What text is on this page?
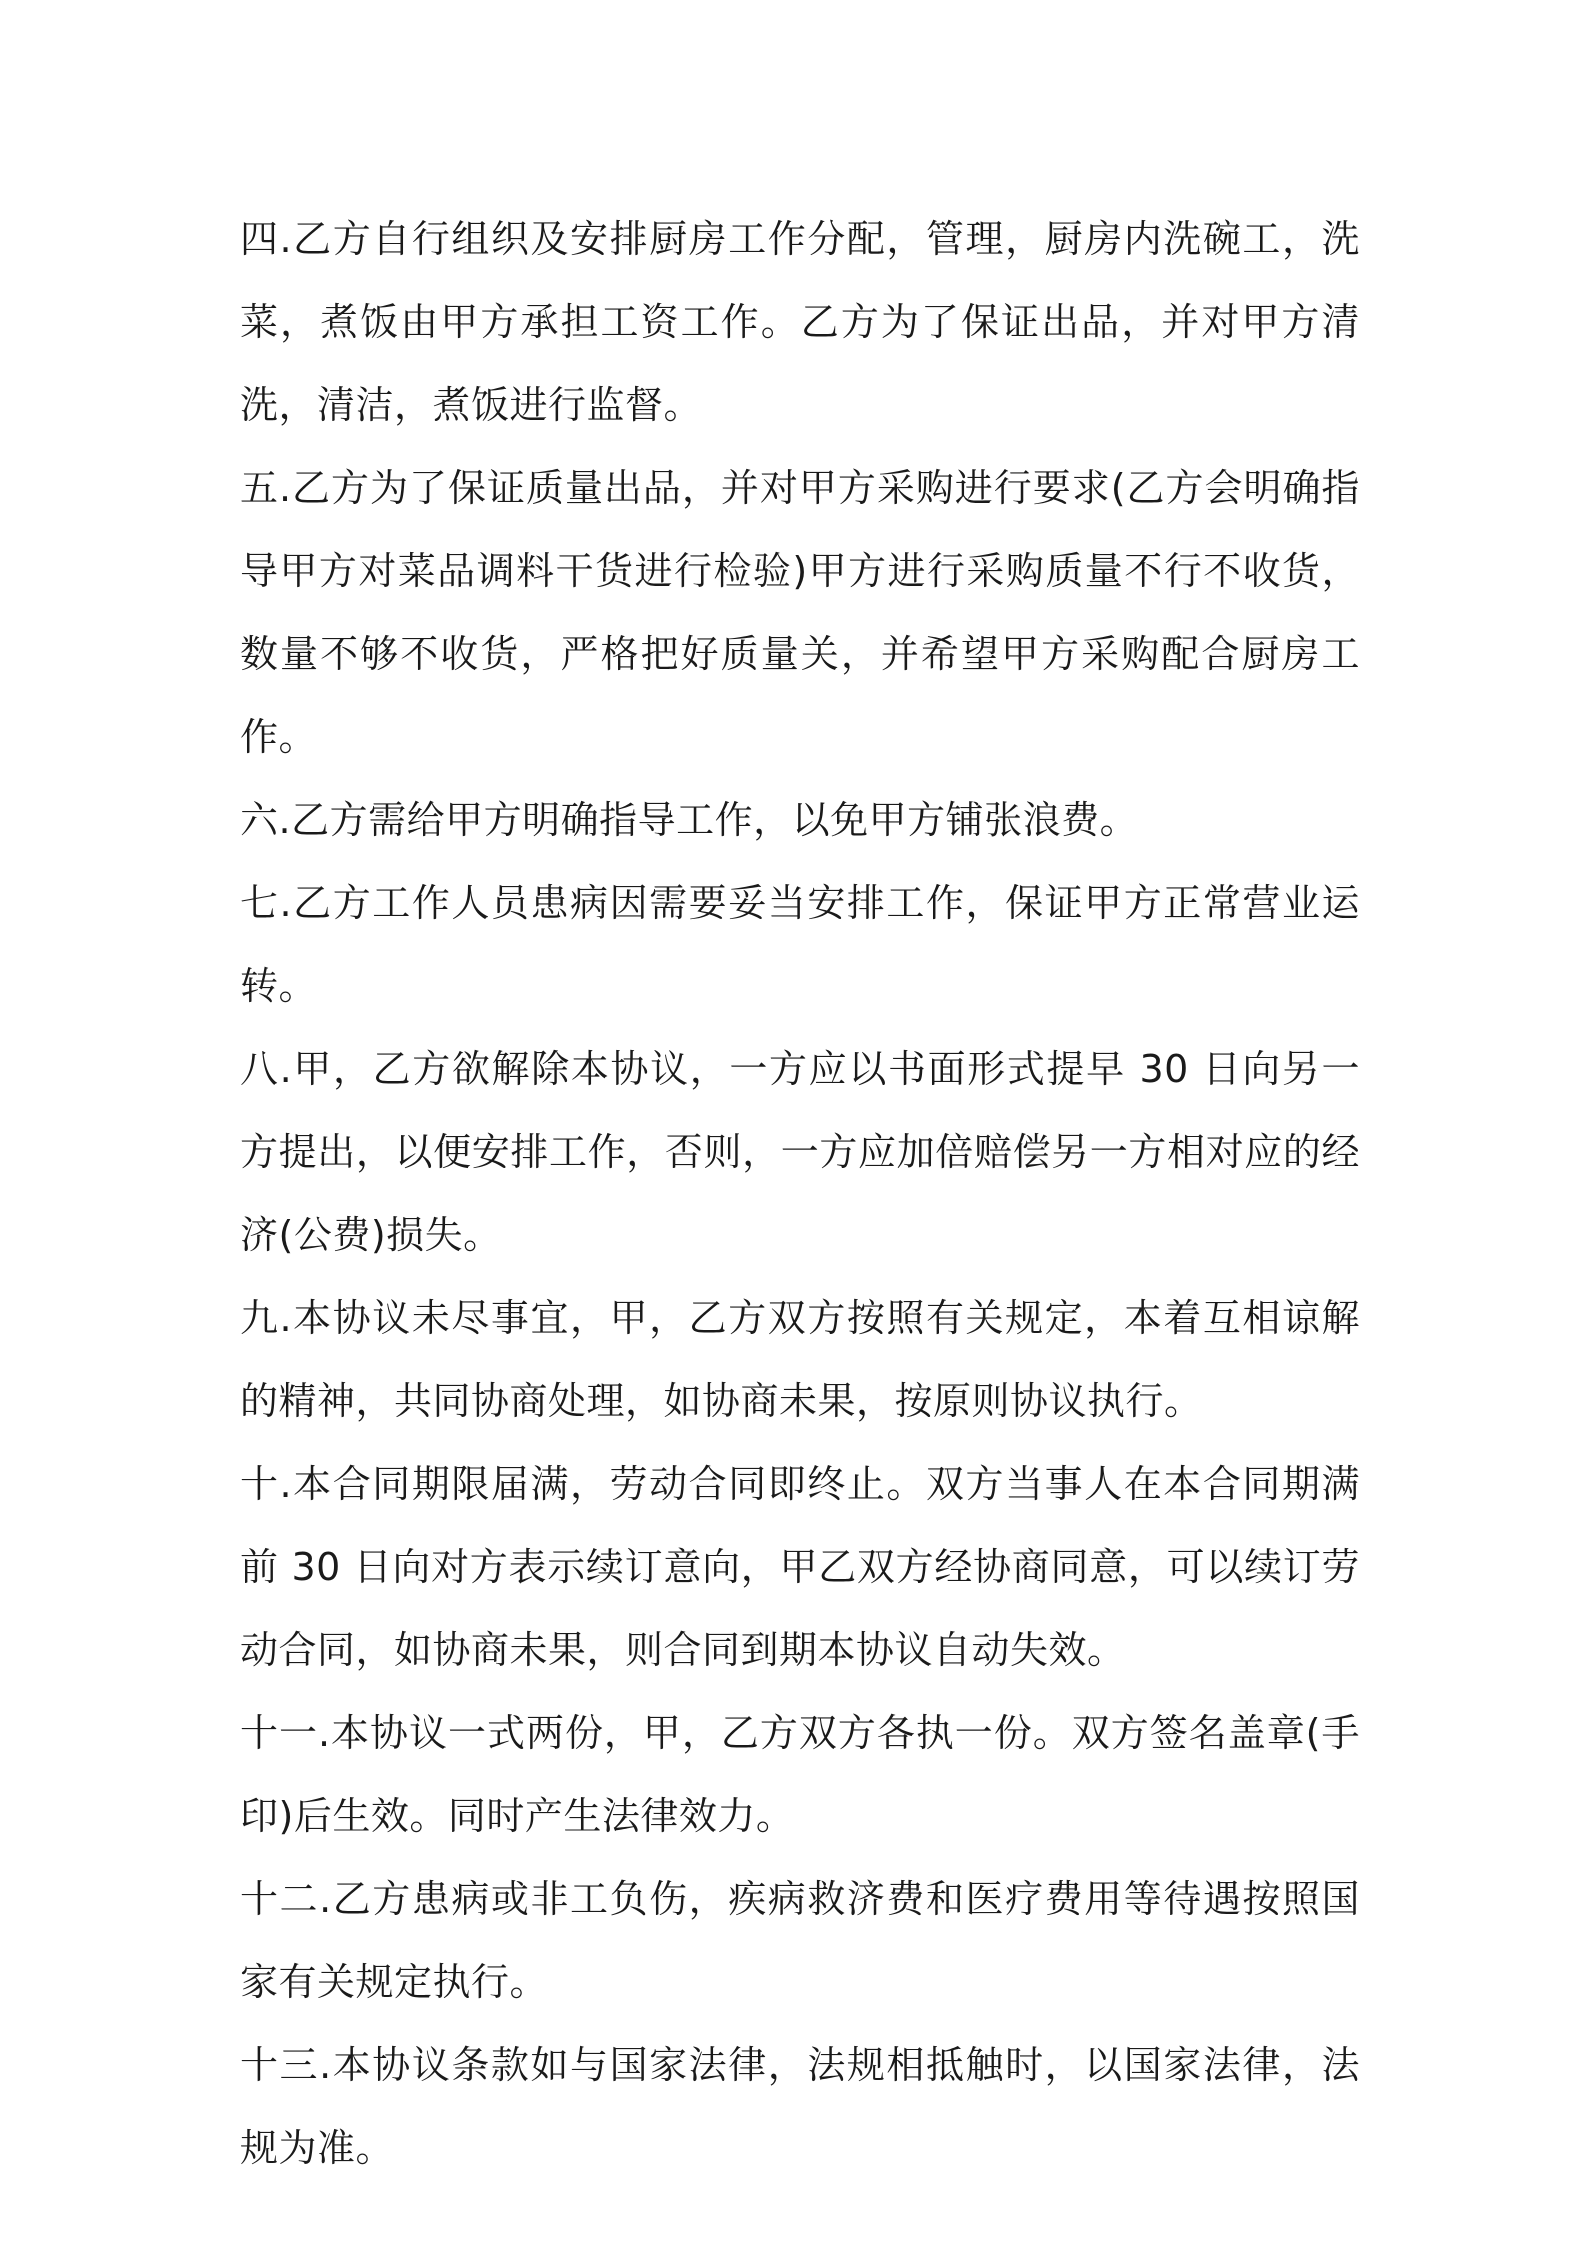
四.乙方自行组织及安排厨房工作分配，管理，厨房内洗碗工，洗菜，煮饭由甲方承担工资工作。乙方为了保证出品，并对甲方清洗，清洁，煮饭进行监督。

五.乙方为了保证质量出品，并对甲方采购进行要求(乙方会明确指导甲方对菜品调料干货进行检验)甲方进行采购质量不行不收货，数量不够不收货，严格把好质量关，并希望甲方采购配合厨房工作。

六.乙方需给甲方明确指导工作，以免甲方铺张浪费。

七.乙方工作人员患病因需要妥当安排工作，保证甲方正常营业运转。

八.甲，乙方欲解除本协议，一方应以书面形式提早 30 日向另一方提出，以便安排工作，否则，一方应加倍赔偿另一方相对应的经济(公费)损失。

九.本协议未尽事宜，甲，乙方双方按照有关规定，本着互相谅解的精神，共同协商处理，如协商未果，按原则协议执行。

十.本合同期限届满，劳动合同即终止。双方当事人在本合同期满前 30 日向对方表示续订意向，甲乙双方经协商同意，可以续订劳动合同，如协商未果，则合同到期本协议自动失效。

十一.本协议一式两份，甲，乙方双方各执一份。双方签名盖章(手印)后生效。同时产生法律效力。

十二.乙方患病或非工负伤，疾病救济费和医疗费用等待遇按照国家有关规定执行。

十三.本协议条款如与国家法律，法规相抵触时，以国家法律，法规为准。
